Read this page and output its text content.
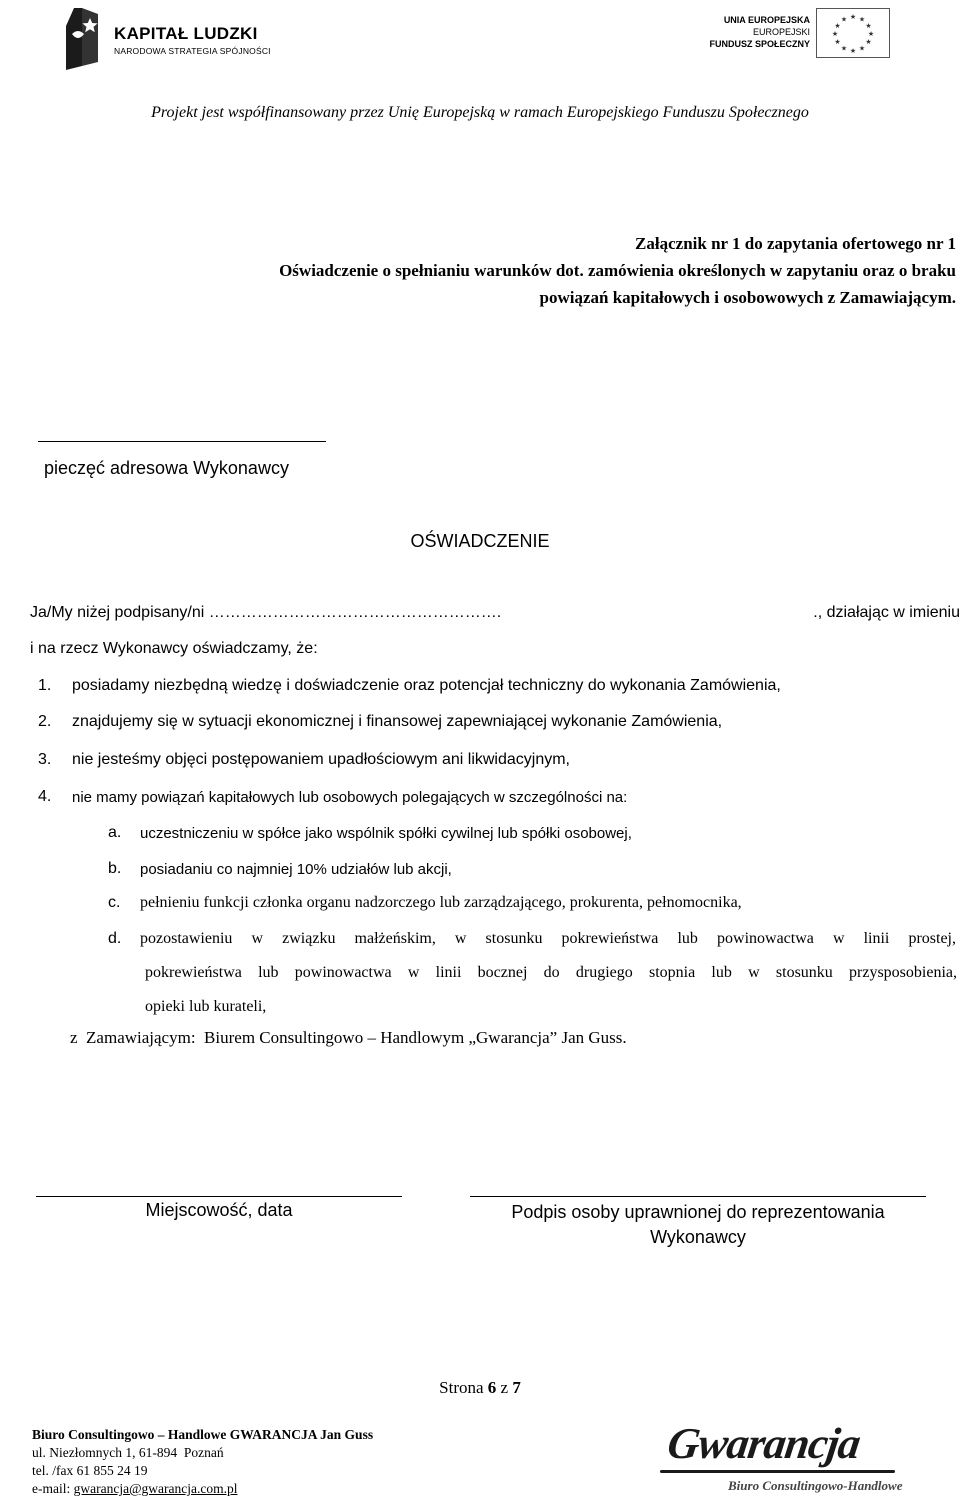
KAPITAŁ LUDZKI
NARODOWA STRATEGIA SPÓJNOŚCI
UNIA EUROPEJSKA
EUROPEJSKI
FUNDUSZ SPOŁECZNY
★ ★
★
★
★
★
★
★
★
★
★
★
Projekt jest współfinansowany przez Unię Europejską w ramach Europejskiego Funduszu Społecznego
Załącznik nr 1 do zapytania ofertowego nr 1
Oświadczenie o spełnianiu warunków dot. zamówienia określonych w zapytaniu oraz o braku
powiązań kapitałowych i osobowowych z Zamawiającym.
pieczęć adresowa Wykonawcy
OŚWIADCZENIE
Ja/My niżej podpisany/ni ……………………………………………….	., działając w imieniu
i na rzecz Wykonawcy oświadczamy, że:
1. posiadamy niezbędną wiedzę i doświadczenie oraz potencjał techniczny do wykonania Zamówienia,
2. znajdujemy się w sytuacji ekonomicznej i finansowej zapewniającej wykonanie Zamówienia,
3. nie jesteśmy objęci postępowaniem upadłościowym ani likwidacyjnym,
4. nie mamy powiązań kapitałowych lub osobowych polegających w szczególności na:
a. uczestniczeniu w spółce jako wspólnik spółki cywilnej lub spółki osobowej,
b. posiadaniu co najmniej 10% udziałów lub akcji,
c. pełnieniu funkcji członka organu nadzorczego lub zarządzającego, prokurenta, pełnomocnika,
d. pozostawieniu w związku małżeńskim, w stosunku pokrewieństwa lub powinowactwa w linii prostej,
pokrewieństwa lub powinowactwa w linii bocznej do drugiego stopnia lub w stosunku przysposobienia,
opieki lub kurateli,
z  Zamawiającym:  Biurem Consultingowo – Handlowym „Gwarancja” Jan Guss.
Miejscowość, data	Podpis osoby uprawnionej do reprezentowania
Wykonawcy
Strona 6 z 7
Biuro Consultingowo – Handlowe GWARANCJA Jan Guss
ul. Niezłomnych 1, 61-894  Poznań
tel. /fax 61 855 24 19
e-mail: gwarancja@gwarancja.com.pl
Gwarancja
Biuro Consultingowo-Handlowe
